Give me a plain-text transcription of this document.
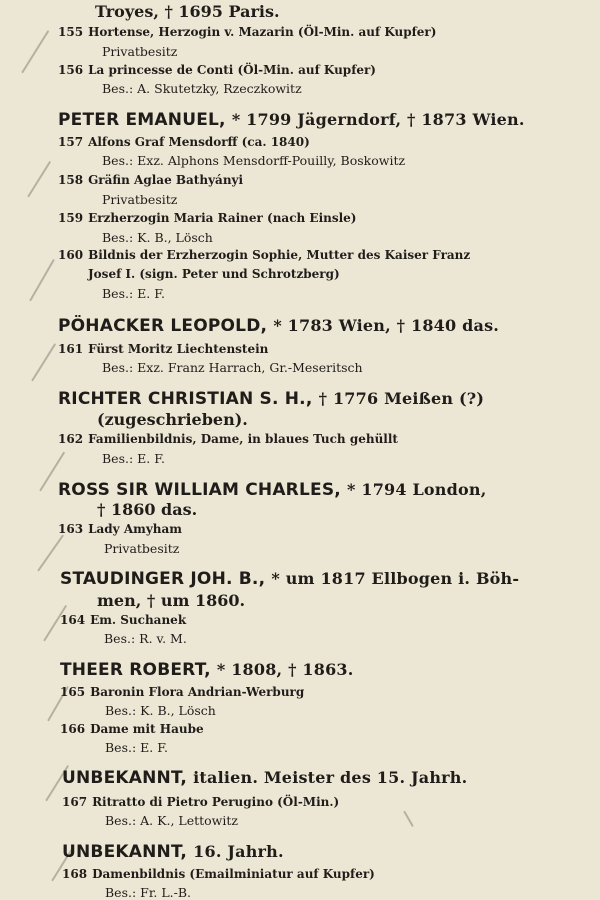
Troyes, † 1695 Paris.
155 Hortense, Herzogin v. Mazarin (Öl-Min. auf Kupfer)
Privatbesitz
156 La princesse de Conti (Öl-Min. auf Kupfer)
Bes.: A. Skutetzky, Rzeczkowitz
PETER EMANUEL, * 1799 Jägerndorf, † 1873 Wien.
157 Alfons Graf Mensdorff (ca. 1840)
Bes.: Exz. Alphons Mensdorff-Pouilly, Boskowitz
158 Gräfin Aglae Bathyányi
Privatbesitz
159 Erzherzogin Maria Rainer (nach Einsle)
Bes.: K. B., Lösch
160 Bildnis der Erzherzogin Sophie, Mutter des Kaiser Franz
Josef I. (sign. Peter und Schrotzberg)
Bes.: E. F.
PÖHACKER LEOPOLD, * 1783 Wien, † 1840 das.
161 Fürst Moritz Liechtenstein
Bes.: Exz. Franz Harrach, Gr.-Meseritsch
RICHTER CHRISTIAN S. H., † 1776 Meißen (?)
(zugeschrieben).
162 Familienbildnis, Dame, in blaues Tuch gehüllt
Bes.: E. F.
ROSS SIR WILLIAM CHARLES, * 1794 London,
† 1860 das.
163 Lady Amyham
Privatbesitz
STAUDINGER JOH. B., * um 1817 Ellbogen i. Böh-
men, † um 1860.
164 Em. Suchanek
Bes.: R. v. M.
THEER ROBERT, * 1808, † 1863.
165 Baronin Flora Andrian-Werburg
Bes.: K. B., Lösch
166 Dame mit Haube
Bes.: E. F.
UNBEKANNT, italien. Meister des 15. Jahrh.
167 Ritratto di Pietro Perugino (Öl-Min.)
Bes.: A. K., Lettowitz
UNBEKANNT, 16. Jahrh.
168 Damenbildnis (Emailminiatur auf Kupfer)
Bes.: Fr. L.-B.
